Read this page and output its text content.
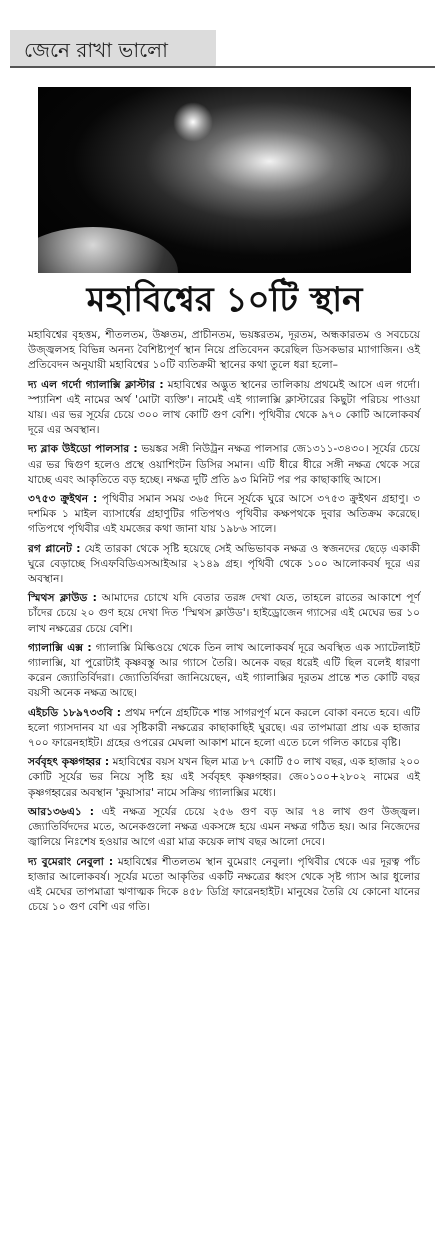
জেনে রাখা ভালো
মহাবিশ্বের ১০টি স্থান

মহাবিশ্বের বৃহত্তম, শীতলতম, উষ্ণতম, প্রাচীনতম, ভয়ঙ্করতম, দূরতম, অন্ধকারতম ও সবচেয়ে উজ্জ্বলসহ বিভিন্ন অনন্য বৈশিষ্ট্যপূর্ণ স্থান নিয়ে প্রতিবেদন করেছিল ডিসকভার ম্যাগাজিন। ওই প্রতিবেদন অনুযায়ী মহাবিশ্বের ১০টি ব্যতিক্রমী স্থানের কথা তুলে ধরা হলো–

দ্য এল গর্দো গ্যালাক্সি ক্লাস্টার : মহাবিশ্বের অদ্ভুত স্থানের তালিকায় প্রথমেই আসে এল গর্দো। স্প্যানিশ এই নামের অর্থ 'মোটা ব্যক্তি'। নামেই এই গ্যালাক্সি ক্লাস্টারের কিছুটা পরিচয় পাওয়া যায়। এর ভর সূর্যের চেয়ে ৩০০ লাখ কোটি গুণ বেশি। পৃথিবীর থেকে ৯৭০ কোটি আলোকবর্ষ দূরে এর অবস্থান।

দ্য ব্লাক উইডো পালসার : ভয়ঙ্কর সঙ্গী নিউট্রন নক্ষত্র পালসার জে১৩১১-৩৪৩০। সূর্যের চেয়ে এর ভর দ্বিগুণ হলেও প্রস্থে ওয়াশিংটন ডিসির সমান। এটি ধীরে ধীরে সঙ্গী নক্ষত্র থেকে সরে যাচ্ছে এবং আকৃতিতে বড় হচ্ছে। নক্ষত্র দুটি প্রতি ৯৩ মিনিট পর পর কাছাকাছি আসে।

৩৭৫৩ ক্রুইথন : পৃথিবীর সমান সময় ৩৬৫ দিনে সূর্যকে ঘুরে আসে ৩৭৫৩ ক্রুইথন গ্রহাণু। ৩ দশমিক ১ মাইল ব্যাসার্ধের গ্রহাণুটির গতিপথও পৃথিবীর কক্ষপথকে দুবার অতিক্রম করেছে। গতিপথে পৃথিবীর এই যমজের কথা জানা যায় ১৯৮৬ সালে।

রগ প্লানেট : যেই তারকা থেকে সৃষ্টি হয়েছে সেই অভিভাবক নক্ষত্র ও স্বজনদের ছেড়ে একাকী ঘুরে বেড়াচ্ছে সিএফবিডিএসআইআর ২১৪৯ গ্রহ। পৃথিবী থেকে ১০০ আলোকবর্ষ দূরে এর অবস্থান।

স্মিথস ক্লাউড : আমাদের চোখে যদি বেতার তরঙ্গ দেখা যেত, তাহলে রাতের আকাশে পূর্ণ চাঁদের চেয়ে ২০ গুণ হয়ে দেখা দিত 'স্মিথস ক্লাউড'। হাইড্রোজেন গ্যাসের এই মেঘের ভর ১০ লাখ নক্ষত্রের চেয়ে বেশি।

গ্যালাক্সি এক্স : গ্যালাক্সি মিল্কিওয়ে থেকে তিন লাখ আলোকবর্ষ দূরে অবস্থিত এক স্যাটেলাইট গ্যালাক্সি, যা পুরোটাই কৃষ্ণবস্তু আর গ্যাসে তৈরি। অনেক বছর ধরেই এটি ছিল বলেই ধারণা করেন জ্যোতির্বিদরা। জ্যোতির্বিদরা জানিয়েছেন, এই গ্যালাক্সির দূরতম প্রান্তে শত কোটি বছর বয়সী অনেক নক্ষত্র আছে।

এইচডি ১৮৯৭৩৩বি : প্রথম দর্শনে গ্রহটিকে শান্ত সাগরপূর্ণ মনে করলে বোকা বনতে হবে। এটি হলো গ্যাসদানব যা এর সৃষ্টিকারী নক্ষত্রের কাছাকাছিই ঘুরছে। এর তাপমাত্রা প্রায় এক হাজার ৭০০ ফারেনহাইট। গ্রহের ওপরের মেঘলা আকাশ মানে হলো এতে চলে গলিত কাচের বৃষ্টি।

সর্ববৃহৎ কৃষ্ণগহ্বর : মহাবিশ্বের বয়স যখন ছিল মাত্র ৮৭ কোটি ৫০ লাখ বছর, এক হাজার ২০০ কোটি সূর্যের ভর নিয়ে সৃষ্টি হয় এই সর্ববৃহৎ কৃষ্ণগহ্বর। জে০১০০+২৮০২ নামের এই কৃষ্ণগহ্বরের অবস্থান 'কুয়াসার' নামে সক্রিয় গ্যালাক্সির মধ্যে।

আর১৩৬এ১ : এই নক্ষত্র সূর্যের চেয়ে ২৫৬ গুণ বড় আর ৭৪ লাখ গুণ উজ্জ্বল। জ্যোতির্বিদদের মতে, অনেকগুলো নক্ষত্র একসঙ্গে হয়ে এমন নক্ষত্র গঠিত হয়। আর নিজেদের জ্বালিয়ে নিঃশেষ হওয়ার আগে এরা মাত্র কয়েক লাখ বছর আলো দেবে।

দ্য বুমেরাং নেবুলা : মহাবিশ্বের শীতলতম স্থান বুমেরাং নেবুলা। পৃথিবীর থেকে এর দূরত্ব পাঁচ হাজার আলোকবর্ষ। সূর্যের মতো আকৃতির একটি নক্ষত্রের ধ্বংস থেকে সৃষ্ট গ্যাস আর ধুলোর এই মেঘের তাপমাত্রা ঋণাত্মক দিকে ৪৫৮ ডিগ্রি ফারেনহাইট। মানুষের তৈরি যে কোনো যানের চেয়ে ১০ গুণ বেশি এর গতি।
